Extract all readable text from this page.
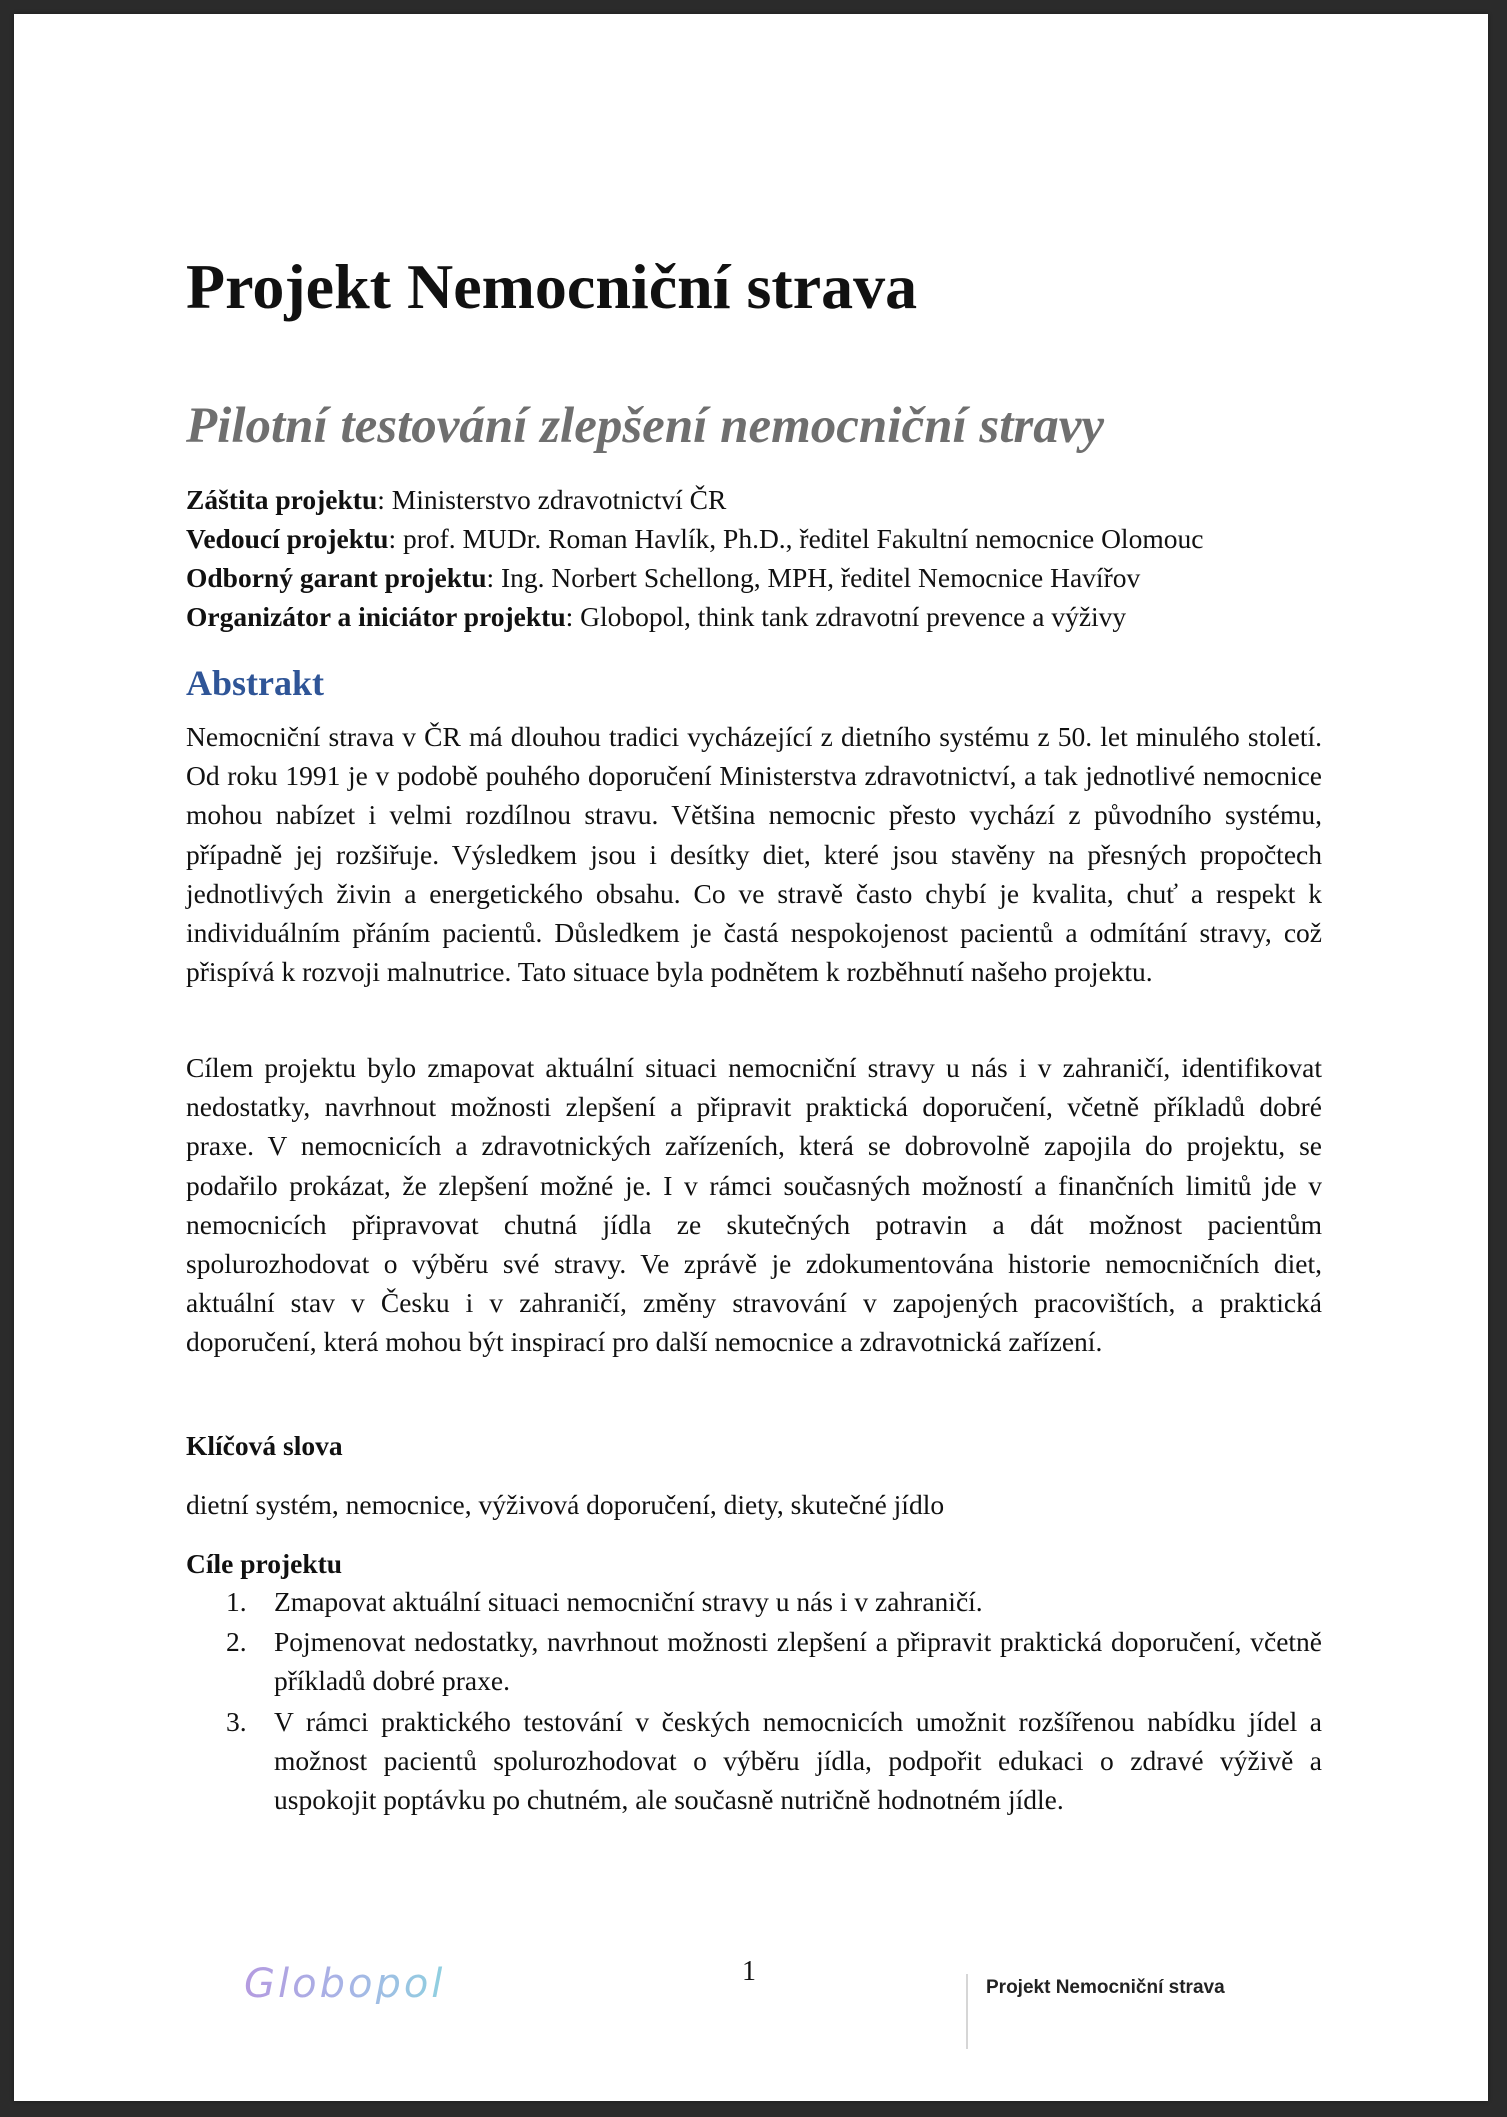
Projekt Nemocniční strava
Pilotní testování zlepšení nemocniční stravy
Záštita projektu: Ministerstvo zdravotnictví ČR
Vedoucí projektu: prof. MUDr. Roman Havlík, Ph.D., ředitel Fakultní nemocnice Olomouc
Odborný garant projektu: Ing. Norbert Schellong, MPH, ředitel Nemocnice Havířov
Organizátor a iniciátor projektu: Globopol, think tank zdravotní prevence a výživy
Abstrakt

Nemocniční strava v ČR má dlouhou tradici vycházející z dietního systému z 50. let minulého století. Od roku 1991 je v podobě pouhého doporučení Ministerstva zdravotnictví, a tak jednotlivé nemocnice mohou nabízet i velmi rozdílnou stravu. Většina nemocnic přesto vychází z původního systému, případně jej rozšiřuje. Výsledkem jsou i desítky diet, které jsou stavěny na přesných propočtech jednotlivých živin a energetického obsahu. Co ve stravě často chybí je kvalita, chuť a respekt k individuálním přáním pacientů. Důsledkem je častá nespokojenost pacientů a odmítání stravy, což přispívá k rozvoji malnutrice. Tato situace byla podnětem k rozběhnutí našeho projektu.

Cílem projektu bylo zmapovat aktuální situaci nemocniční stravy u nás i v zahraničí, identifikovat nedostatky, navrhnout možnosti zlepšení a připravit praktická doporučení, včetně příkladů dobré praxe. V nemocnicích a zdravotnických zařízeních, která se dobrovolně zapojila do projektu, se podařilo prokázat, že zlepšení možné je. I v rámci současných možností a finančních limitů jde v nemocnicích připravovat chutná jídla ze skutečných potravin a dát možnost pacientům spolurozhodovat o výběru své stravy. Ve zprávě je zdokumentována historie nemocničních diet, aktuální stav v Česku i v zahraničí, změny stravování v zapojených pracovištích, a praktická doporučení, která mohou být inspirací pro další nemocnice a zdravotnická zařízení.

Klíčová slova
dietní systém, nemocnice, výživová doporučení, diety, skutečné jídlo
Cíle projektu
1. Zmapovat aktuální situaci nemocniční stravy u nás i v zahraničí.
2. Pojmenovat nedostatky, navrhnout možnosti zlepšení a připravit praktická doporučení, včetně příkladů dobré praxe.
3. V rámci praktického testování v českých nemocnicích umožnit rozšířenou nabídku jídel a možnost pacientů spolurozhodovat o výběru jídla, podpořit edukaci o zdravé výživě a uspokojit poptávku po chutném, ale současně nutričně hodnotném jídle.
Globopol	1
Projekt Nemocniční strava
